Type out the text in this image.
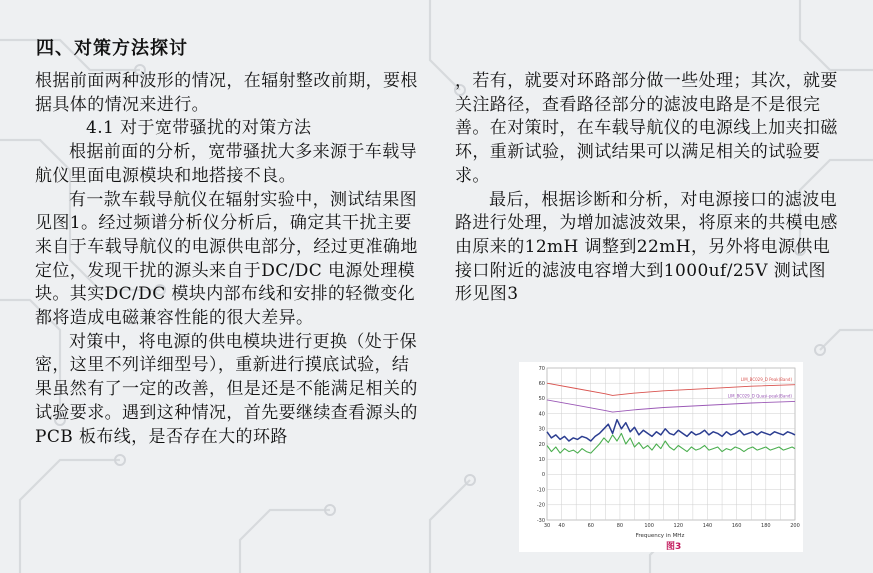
四、对策方法探讨

根据前面两种波形的情况，在辐射整改前期，要根据具体的情况来进行。

4.1 对于宽带骚扰的对策方法

根据前面的分析，宽带骚扰大多来源于车载导航仪里面电源模块和地搭接不良。

有一款车载导航仪在辐射实验中，测试结果图见图1。经过频谱分析仪分析后，确定其干扰主要来自于车载导航仪的电源供电部分，经过更准确地定位，发现干扰的源头来自于DC/DC 电源处理模块。其实DC/DC 模块内部布线和安排的轻微变化都将造成电磁兼容性能的很大差异。

对策中，将电源的供电模块进行更换（处于保密，这里不列详细型号），重新进行摸底试验，结果虽然有了一定的改善，但是还是不能满足相关的试验要求。遇到这种情况，首先要继续查看源头的PCB 板布线，是否存在大的环路

，若有，就要对环路部分做一些处理；其次，就要关注路径，查看路径部分的滤波电路是不是很完善。在对策时，在车载导航仪的电源线上加夹扣磁环，重新试验，测试结果可以满足相关的试验要求。

最后，根据诊断和分析，对电源接口的滤波电路进行处理，为增加滤波效果，将原来的共模电感由原来的12mH 调整到22mH，另外将电源供电接口附近的滤波电容增大到1000uf/25V 测试图形见图3

70
60
50
40
30
20
10
0
-10
-20
-30
30 40	60	80	100	120	140	160	180	200
LIM_BC029_D Peak(Band)
LIM_BC029_D Quasi-peak(Band)
Frequency in MHz
图3
